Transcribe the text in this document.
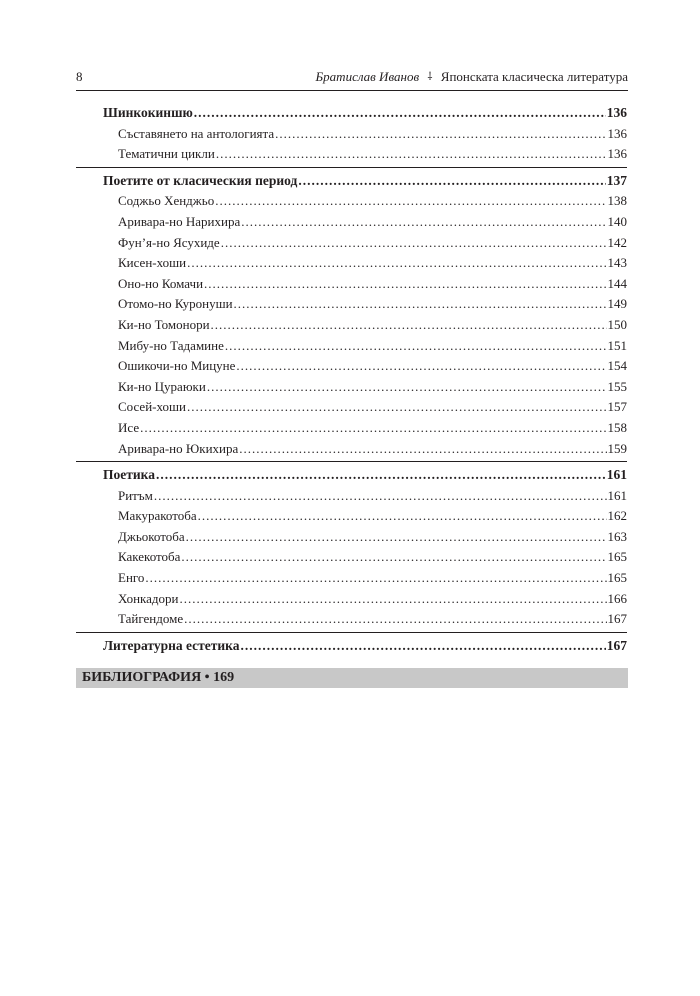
8	Братислав Иванов ⸸ Японската класическа литература
Шинкокиншю .....	136
Съставянето на антологията .....	136
Тематични цикли .....	136
Поетите от класическия период .....	137
Соджьо Хенджьо .....	138
Аривара-но Нарихира .....	140
Фун’я-но Ясухиде .....	142
Кисен-хоши .....	143
Оно-но Комачи .....	144
Отомо-но Куронуши .....	149
Ки-но Томонори .....	150
Мибу-но Тадамине .....	151
Ошикочи-но Мицуне .....	154
Ки-но Цураюки .....	155
Сосей-хоши .....	157
Исе .....	158
Аривара-но Юкихира .....	159
Поетика .....	161
Ритъм .....	161
Макуракотоба .....	162
Джьокотоба .....	163
Какекотоба .....	165
Енго .....	165
Хонкадори .....	166
Тайгендоме .....	167
Литературна естетика .....	167
БИБЛИОГРАФИЯ • 169
